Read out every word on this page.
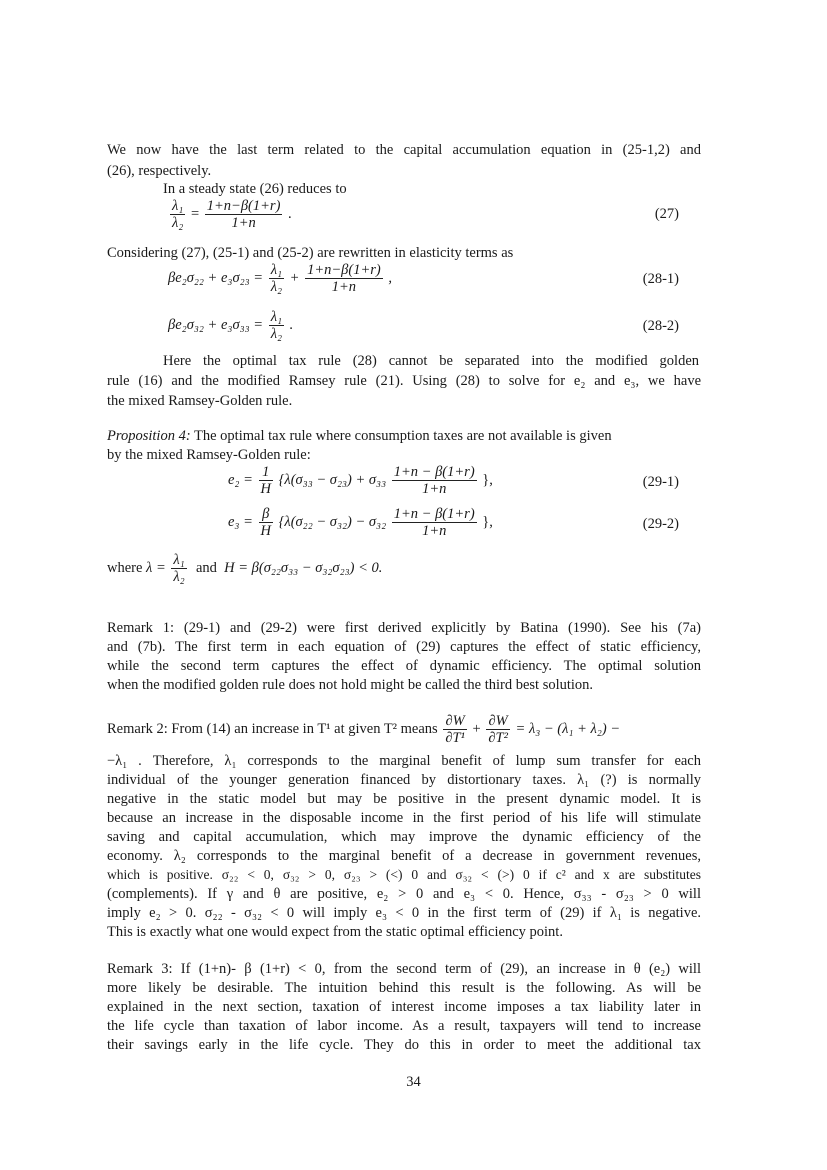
We now have the last term related to the capital accumulation equation in (25-1,2) and
(26), respectively.
In a steady state (26) reduces to
$\frac{\text{λ₁}}{\text{λ₂}} = \frac{1+n-\beta(1+r)}{1+n}$ .	(27)
Considering (27), (25-1) and (25-2) are rewritten in elasticity terms as
$\beta e_2\sigma_{22} + e_3\sigma_{23} = \frac{\text{λ₁}}{\text{λ₂}} + \frac{1+n-\beta(1+r)}{1+n}$ ,	(28-1)
$\beta e_2\sigma_{32} + e_3\sigma_{33} = \frac{\text{λ₁}}{\text{λ₂}}$ .	(28-2)
Here the optimal tax rule (28) cannot be separated into the modified golden
rule (16) and the modified Ramsey rule (21). Using (28) to solve for e₂ and e₃, we have
the mixed Ramsey-Golden rule.
Proposition 4: The optimal tax rule where consumption taxes are not available is given
by the mixed Ramsey-Golden rule:
$e_2 = \frac{1}{H} \{\lambda(\sigma_{33} - \sigma_{23}) + \sigma_{33} \frac{1+n - \beta(1+r)}{1+n}$ },	(29-1)
$e_3 = \frac{\beta}{H} \{\lambda(\sigma_{22} - \sigma_{32}) - \sigma_{32} \frac{1+n - \beta(1+r)}{1+n}$ },	(29-2)
where $\lambda = \frac{\text{λ₁}}{\text{λ₂}}$ and H = β(σ₂₂σ₃₃ − σ₃₂σ₂₃) < 0.
Remark 1: (29-1) and (29-2) were first derived explicitly by Batina (1990). See his (7a)
and (7b). The first term in each equation of (29) captures the effect of static efficiency,
while the second term captures the effect of dynamic efficiency. The optimal solution
when the modified golden rule does not hold might be called the third best solution.
Remark 2: From (14) an increase in T¹ at given T² means $\frac{\partial W}{\text{∂T¹}} + \frac{\partial W}{\text{∂T²}} = \lambda_3 - (\lambda_1 + \lambda_2)$ −
−λ₁ . Therefore, λ₁ corresponds to the marginal benefit of lump sum transfer for each
individual of the younger generation financed by distortionary taxes. λ₁ (?) is normally
negative in the static model but may be positive in the present dynamic model. It is
because an increase in the disposable income in the first period of his life will stimulate
saving and capital accumulation, which may improve the dynamic efficiency of the
economy. λ₂ corresponds to the marginal benefit of a decrease in government revenues,
which is positive. σ₂₂ < 0, σ₃₂ > 0, σ₂₃ > (<) 0 and σ₃₂ < (>) 0 if c² and x are substitutes
(complements). If γ and θ are positive, e₂ > 0 and e₃ < 0. Hence, σ₃₃ - σ₂₃ > 0 will
imply e₂ > 0. σ₂₂ - σ₃₂ < 0 will imply e₃ < 0 in the first term of (29) if λ₁ is negative.
This is exactly what one would expect from the static optimal efficiency point.
Remark 3: If (1+n)- β (1+r) < 0, from the second term of (29), an increase in θ (e₂) will
more likely be desirable. The intuition behind this result is the following. As will be
explained in the next section, taxation of interest income imposes a tax liability later in
the life cycle than taxation of labor income. As a result, taxpayers will tend to increase
their savings early in the life cycle. They do this in order to meet the additional tax
34
